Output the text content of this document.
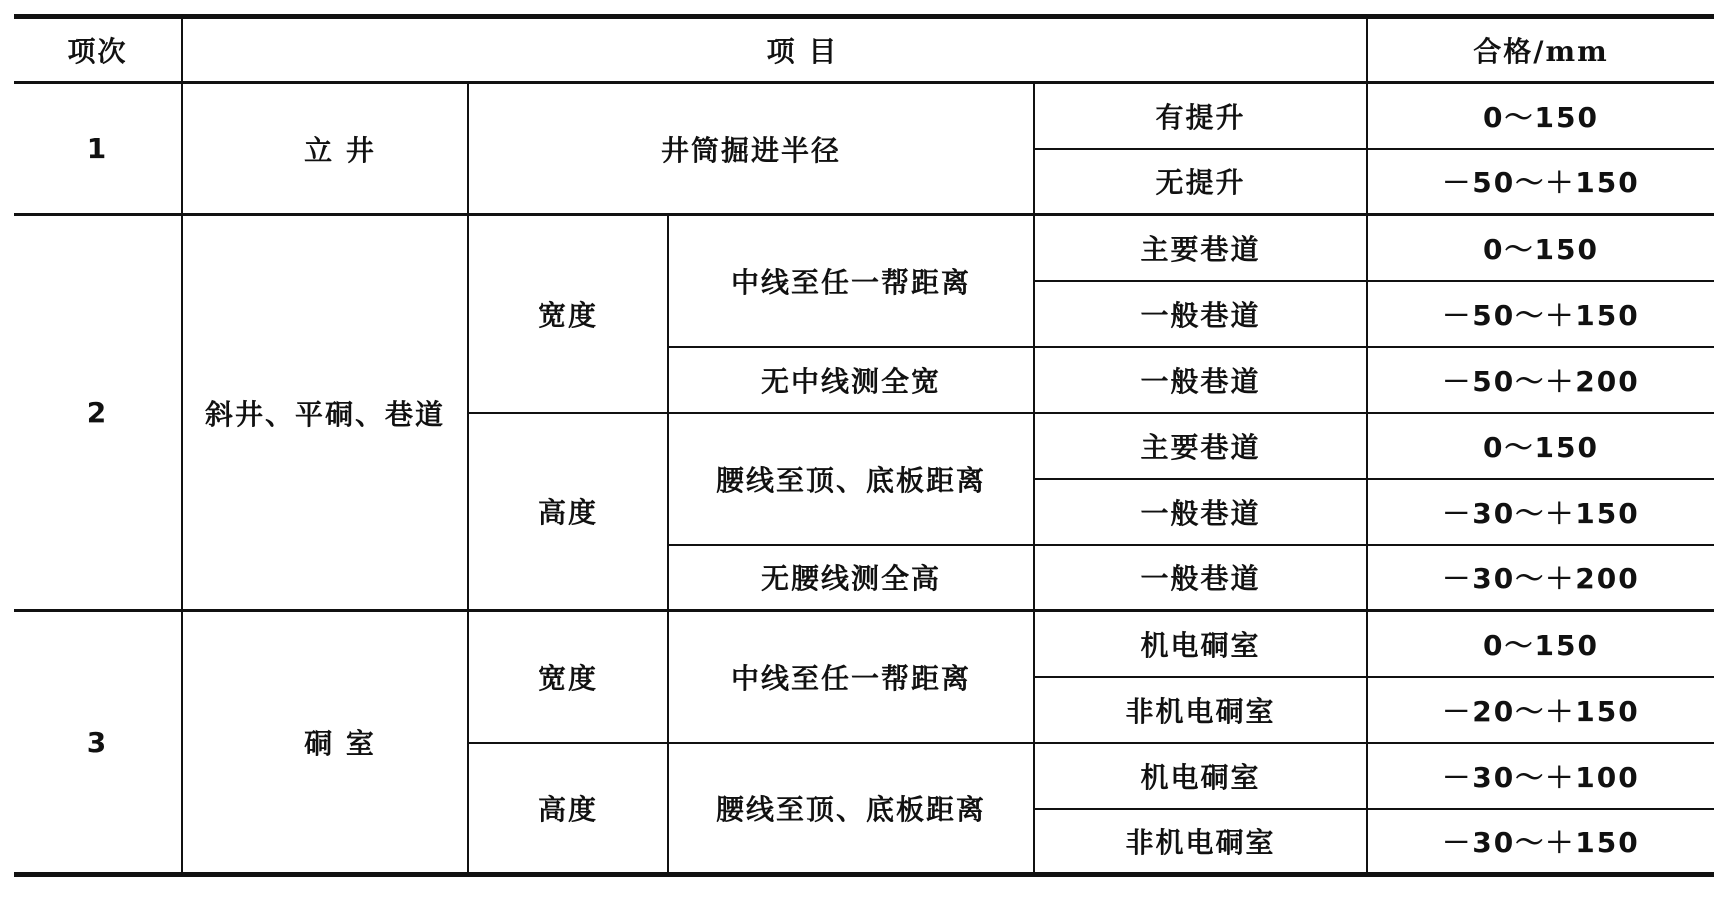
项次	项 目				合格/mm
1	立 井	井筒掘进半径		有提升	0～150
				无提升	－50～＋150
2	斜井、平硐、巷道	宽度	中线至任一帮距离	主要巷道	0～150
				一般巷道	－50～＋150
			无中线测全宽	一般巷道	－50～＋200
		高度	腰线至顶、底板距离	主要巷道	0～150
				一般巷道	－30～＋150
			无腰线测全高	一般巷道	－30～＋200
3	硐 室	宽度	中线至任一帮距离	机电硐室	0～150
				非机电硐室	－20～＋150
		高度	腰线至顶、底板距离	机电硐室	－30～＋100
				非机电硐室	－30～＋150
